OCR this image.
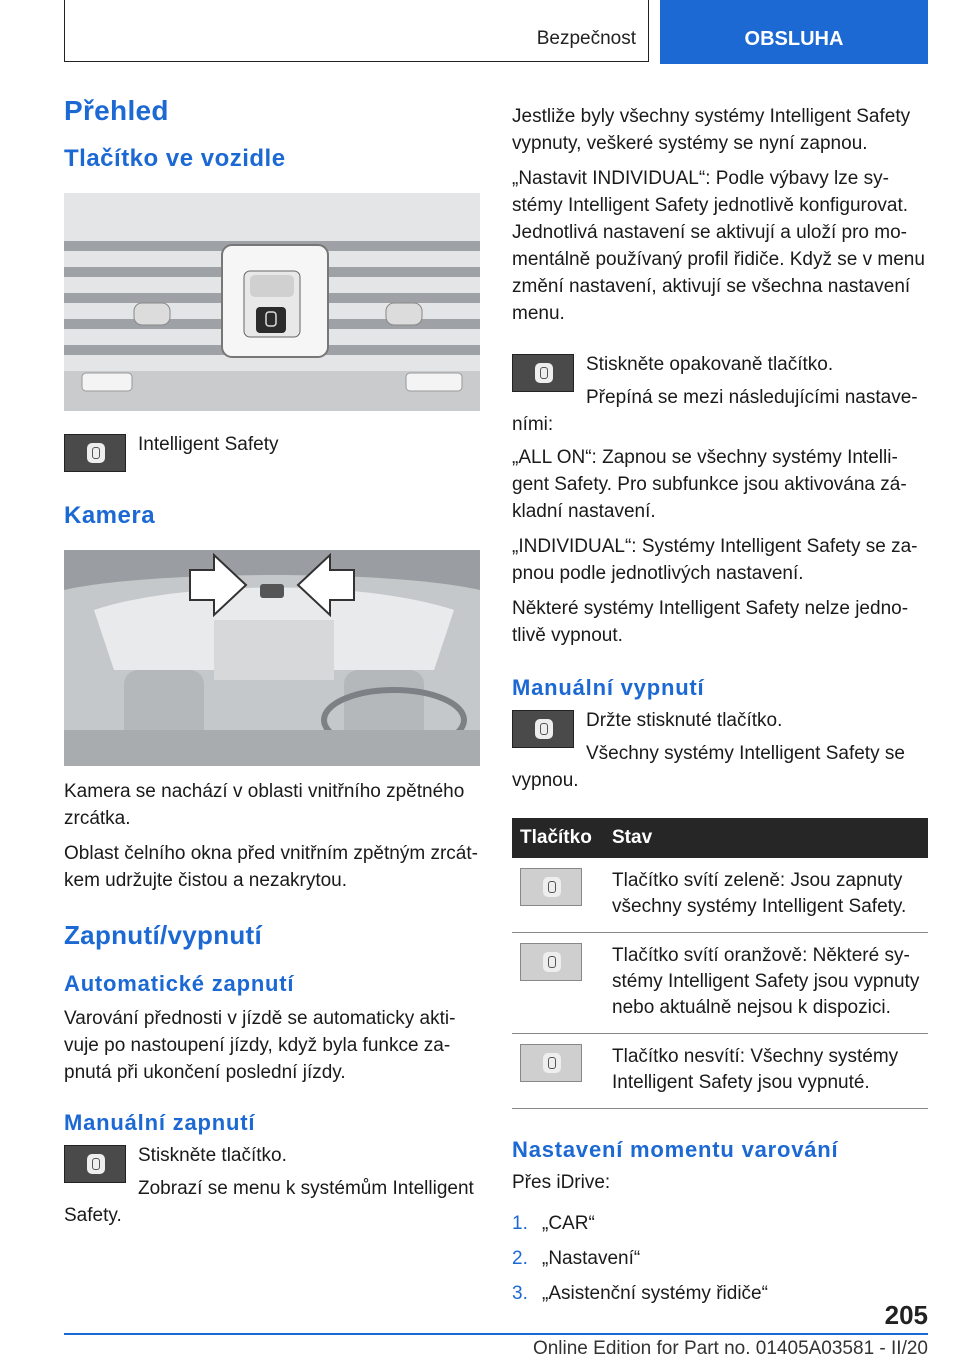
Bezpečnost	OBSLUHA
Přehled
Tlačítko ve vozidle

Intelligent Safety

Kamera

Kamera se nachází v oblasti vnitřního zpětného zrcátka.

Oblast čelního okna před vnitřním zpětným zrcátkem udržujte čistou a nezakrytou.

Zapnutí/vypnutí
Automatické zapnutí

Varování přednosti v jízdě se automaticky aktivuje po nastoupení jízdy, když byla funkce zapnutá při ukončení poslední jízdy.

Manuální zapnutí

Stiskněte tlačítko.

Zobrazí se menu k systémům Intelligent Safety.

Jestliže byly všechny systémy Intelligent Safety vypnuty, veškeré systémy se nyní zapnou.

„Nastavit INDIVIDUAL“: Podle výbavy lze systémy Intelligent Safety jednotlivě konfigurovat. Jednotlivá nastavení se aktivují a uloží pro momentálně používaný profil řidiče. Když se v menu změní nastavení, aktivují se všechna nastavení menu.

Stiskněte opakovaně tlačítko.

Přepíná se mezi následujícími nastaveními:

„ALL ON“: Zapnou se všechny systémy Intelligent Safety. Pro subfunkce jsou aktivována základní nastavení.

„INDIVIDUAL“: Systémy Intelligent Safety se zapnou podle jednotlivých nastavení.

Některé systémy Intelligent Safety nelze jednotlivě vypnout.

Manuální vypnutí

Držte stisknuté tlačítko.

Všechny systémy Intelligent Safety se vypnou.

Tlačítko	Stav

	Tlačítko svítí zeleně: Jsou zapnuty všechny systémy Intelligent Safety.

	Tlačítko svítí oranžově: Některé systémy Intelligent Safety jsou vypnuty nebo aktuálně nejsou k dispozici.

	Tlačítko nesvítí: Všechny systémy Intelligent Safety jsou vypnuté.
Nastavení momentu varování

Přes iDrive:

1. „CAR“
2. „Nastavení“
3. „Asistenční systémy řidiče“
205
Online Edition for Part no. 01405A03581 - II/20
